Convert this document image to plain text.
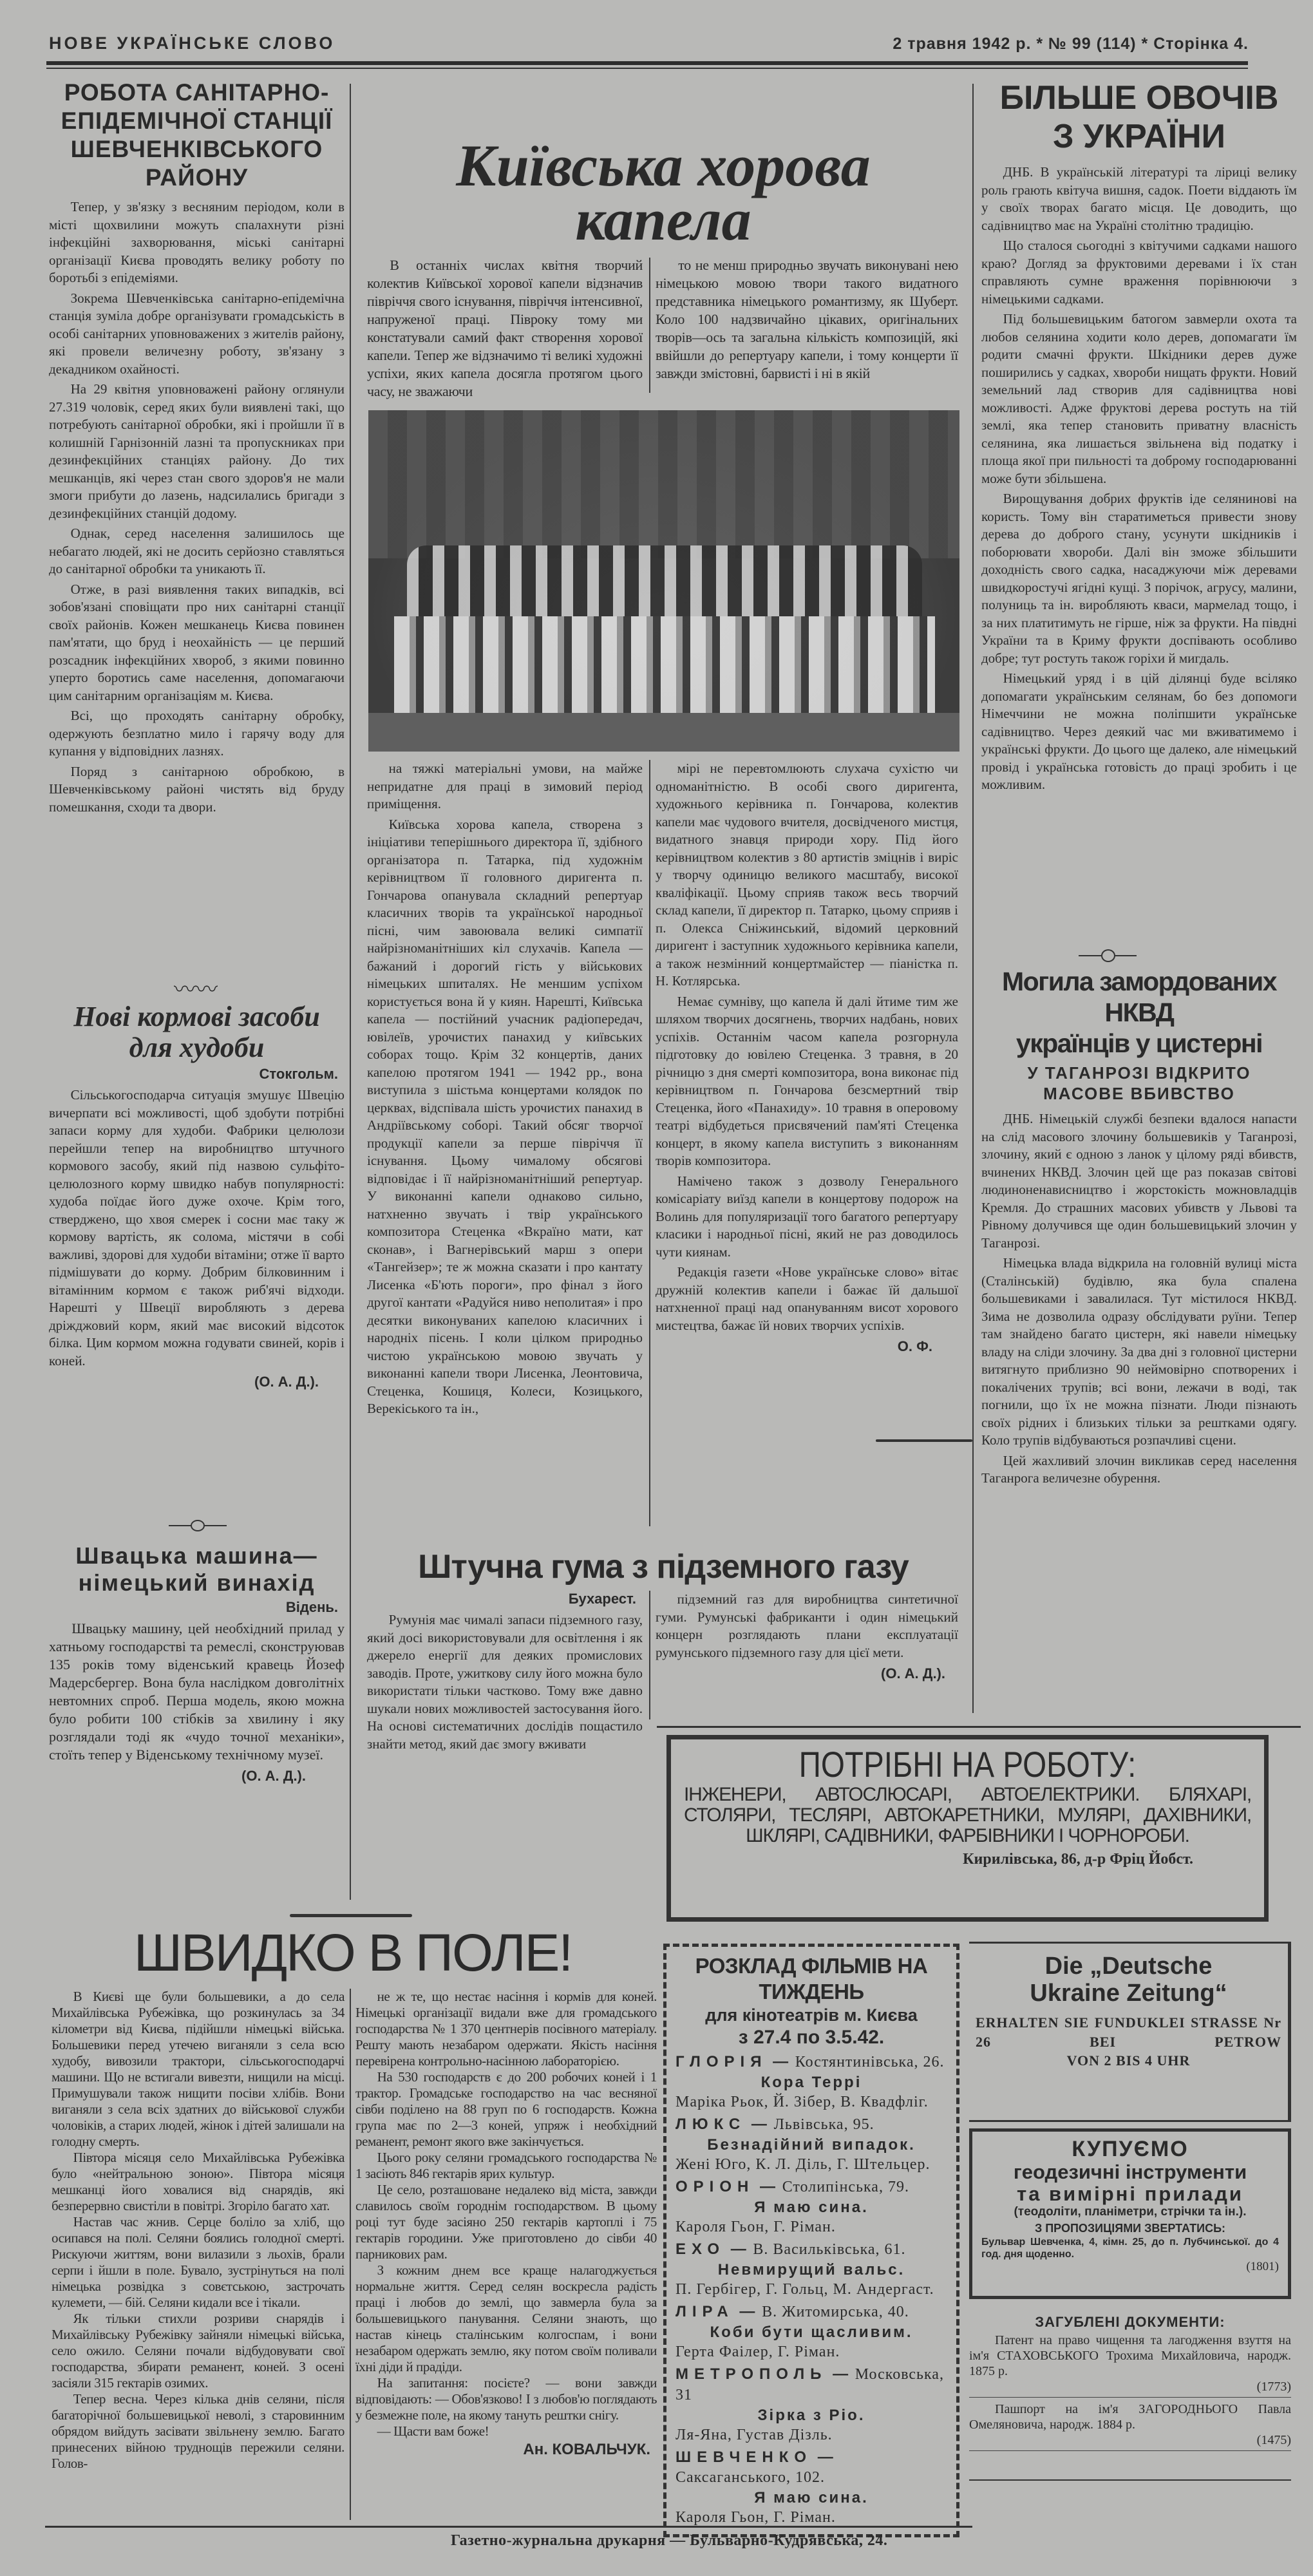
НОВЕ УКРАЇНСЬКЕ СЛОВО	2 травня 1942 р. * № 99 (114) * Сторінка 4.
РОБОТА САНІТАРНО-ЕПІДЕМІЧНОЇ СТАНЦІЇ ШЕВЧЕНКІВСЬКОГО РАЙОНУ

Тепер, у зв'язку з весняним періодом, коли в місті щохвилини можуть спалахнути різні інфекційні захворювання, міські санітарні організації Києва проводять велику роботу по боротьбі з епідеміями.

Зокрема Шевченківська санітарно-епідемічна станція зуміла добре організувати громадськість в особі санітарних уповноважених з жителів району, які провели величезну роботу, зв'язану з декадником охайності.

На 29 квітня уповноважені району оглянули 27.319 чоловік, серед яких були виявлені такі, що потребують санітарної обробки, які і пройшли її в колишній Гарнізонній лазні та пропускниках при дезинфекційних станціях району. До тих мешканців, які через стан свого здоров'я не мали змоги прибути до лазень, надсилались бригади з дезинфекційних станцій додому.

Однак, серед населення залишилось ще небагато людей, які не досить серйозно ставляться до санітарної обробки та уникають її.

Отже, в разі виявлення таких випадків, всі зобов'язані сповіщати про них санітарні станції своїх районів. Кожен мешканець Києва повинен пам'ятати, що бруд і неохайність — це перший розсадник інфекційних хвороб, з якими повинно уперто боротись саме населення, допомагаючи цим санітарним організаціям м. Києва.

Всі, що проходять санітарну обробку, одержують безплатно мило і гарячу воду для купання у відповідних лазнях.

Поряд з санітарною обробкою, в Шевченківському районі чистять від бруду помешкання, сходи та двори.

〰〰
Нові кормові засоби
для худоби
Стокгольм.

Сільськогосподарча ситуація змушує Швецію вичерпати всі можливості, щоб здобути потрібні запаси корму для худоби. Фабрики целюлози перейшли тепер на виробництво штучного кормового засобу, який під назвою сульфіто-целюлозного корму швидко набув популярності: худоба поїдає його дуже охоче. Крім того, стверджено, що хвоя смерек і сосни має таку ж кормову вартість, як солома, містячи в собі важливі, здорові для худоби вітаміни; отже її варто підмішувати до корму. Добрим білковинним і вітамінним кормом є також риб'ячі відходи. Нарешті у Швеції виробляють з дерева дріжджовий корм, який має високий відсоток білка. Цим кормом можна годувати свиней, корів і коней.

(О. А. Д.).
Швацька машина—
німецький винахід
Відень.

Швацьку машину, цей необхідний прилад у хатньому господарстві та ремеслі, сконструював 135 років тому віденський кравець Йозеф Мадерсбергер. Вона була наслідком довголітніх невтомних спроб. Перша модель, якою можна було робити 100 стібків за хвилину і яку розглядали тоді як «чудо точної механіки», стоїть тепер у Віденському технічному музеї.

(О. А. Д.).
Київська хорова
капела

В останніх числах квітня творчий колектив Київської хорової капели відзначив півріччя свого існування, півріччя інтенсивної, напруженої праці. Півроку тому ми констатували самий факт створення хорової капели. Тепер же відзначимо ті великі художні успіхи, яких капела досягла протягом цього часу, не зважаючи

то не менш природньо звучать виконувані нею німецькою мовою твори такого видатного представника німецького романтизму, як Шуберт. Коло 100 надзвичайно цікавих, оригінальних творів—ось та загальна кількість композицій, які ввійшли до репертуару капели, і тому концерти її завжди змістовні, барвисті і ні в якій

на тяжкі матеріальні умови, на майже непридатне для праці в зимовий період приміщення.

Київська хорова капела, створена з ініціативи теперішнього директора її, здібного організатора п. Татарка, під художнім керівництвом її головного диригента п. Гончарова опанувала складний репертуар класичних творів та української народньої пісні, чим завоювала великі симпатії найрізноманітніших кіл слухачів. Капела — бажаний і дорогий гість у військових німецьких шпиталях. Не меншим успіхом користується вона й у киян. Нарешті, Київська капела — постійний учасник радіопередач, ювілеїв, урочистих панахид у київських соборах тощо. Крім 32 концертів, даних капелою протягом 1941 — 1942 рр., вона виступила з шістьма концертами колядок по церквах, відспівала шість урочистих панахид в Андріївському соборі. Такий обсяг творчої продукції капели за перше півріччя її існування. Цьому чималому обсягові відповідає і її найрізноманітніший репертуар. У виконанні капели однаково сильно, натхненно звучать і твір українського композитора Стеценка «Вкраїно мати, кат сконав», і Вагнерівський марш з опери «Тангейзер»; те ж можна сказати і про кантату Лисенка «Б'ють пороги», про фінал з його другої кантати «Радуйся ниво неполитая» і про десятки виконуваних капелою класичних і народніх пісень. І коли цілком природньо чистою українською мовою звучать у виконанні капели твори Лисенка, Леонтовича, Стеценка, Кошиця, Колеси, Козицького, Верекіського та ін.,

мірі не перевтомлюють слухача сухістю чи одноманітністю. В особі свого диригента, художнього керівника п. Гончарова, колектив капели має чудового вчителя, досвідченого мистця, видатного знавця природи хору. Під його керівництвом колектив з 80 артистів зміцнів і виріс у творчу одиницю великого масштабу, високої кваліфікації. Цьому сприяв також весь творчий склад капели, її директор п. Татарко, цьому сприяв і п. Олекса Сніжинський, відомий церковний диригент і заступник художнього керівника капели, а також незмінний концертмайстер — піаністка п. Н. Котлярська.

Немає сумніву, що капела й далі йтиме тим же шляхом творчих досягнень, творчих надбань, нових успіхів. Останнім часом капела розгорнула підготовку до ювілею Стеценка. 3 травня, в 20 річницю з дня смерті композитора, вона виконає під керівництвом п. Гончарова безсмертний твір Стеценка, його «Панахиду». 10 травня в оперовому театрі відбудеться присвячений пам'яті Стеценка концерт, в якому капела виступить з виконанням творів композитора.

Намічено також з дозволу Генерального комісаріату виїзд капели в концертову подорож на Волинь для популяризації того багатого репертуару класики і народньої пісні, який не раз доводилось чути киянам.

Редакція газети «Нове українське слово» вітає дружній колектив капели і бажає їй дальшої натхненної праці над опануванням висот хорового мистецтва, бажає їй нових творчих успіхів.

О. Ф.
Штучна гума з підземного газу
Бухарест.

Румунія має чималі запаси підземного газу, який досі використовували для освітлення і як джерело енергії для деяких промислових заводів. Проте, ужиткову силу його можна було використати тільки частково. Тому вже давно шукали нових можливостей застосування його. На основі систематичних дослідів пощастило знайти метод, який дає змогу вживати

підземний газ для виробництва синтетичної гуми. Румунські фабриканти і один німецький концерн розглядають плани експлуатації румунського підземного газу для цієї мети.

(О. А. Д.).
БІЛЬШЕ ОВОЧІВ
З УКРАЇНИ

ДНБ. В українській літературі та ліриці велику роль грають квітуча вишня, садок. Поети віддають їм у своїх творах багато місця. Це доводить, що садівництво має на Україні столітню традицію.

Що сталося сьогодні з квітучими садками нашого краю? Догляд за фруктовими деревами і їх стан справляють сумне враження порівнюючи з німецькими садками.

Під большевицьким батогом завмерли охота та любов селянина ходити коло дерев, допомагати їм родити смачні фрукти. Шкідники дерев дуже поширились у садках, хвороби нищать фрукти. Новий земельний лад створив для садівництва нові можливості. Адже фруктові дерева ростуть на тій землі, яка тепер становить приватну власність селянина, яка лишається звільнена від податку і площа якої при пильності та доброму господарюванні може бути збільшена.

Вирощування добрих фруктів іде селянинові на користь. Тому він старатиметься привести знову дерева до доброго стану, усунути шкідників і поборювати хвороби. Далі він зможе збільшити доходність свого садка, насаджуючи між деревами швидкоростучі ягідні кущі. З порічок, агрусу, малини, полуниць та ін. виробляють кваси, мармелад тощо, і за них платитимуть не гірше, ніж за фрукти. На півдні України та в Криму фрукти доспівають особливо добре; тут ростуть також горіхи й мигдаль.

Німецький уряд і в цій ділянці буде всіляко допомагати українським селянам, бо без допомоги Німеччини не можна поліпшити українське садівництво. Через деякий час ми вживатимемо і українські фрукти. До цього ще далеко, але німецький провід і українська готовість до праці зробить і це можливим.

Могила замордованих НКВД
українців у цистерні
У ТАГАНРОЗІ ВІДКРИТО
МАСОВЕ ВБИВСТВО

ДНБ. Німецькій службі безпеки вдалося напасти на слід масового злочину большевиків у Таганрозі, злочину, який є одною з ланок у цілому ряді вбивств, вчинених НКВД. Злочин цей ще раз показав світові людиноненависництво і жорстокість можновладців Кремля. До страшних масових убивств у Львові та Рівному долучився ще один большевицький злочин у Таганрозі.

Німецька влада відкрила на головній вулиці міста (Сталінській) будівлю, яка була спалена большевиками і завалилася. Тут містилося НКВД. Зима не дозволила одразу обслідувати руїни. Тепер там знайдено багато цистерн, які навели німецьку владу на сліди злочину. За два дні з головної цистерни витягнуто приблизно 90 неймовірно спотворених і покалічених трупів; всі вони, лежачи в воді, так погнили, що їх не можна пізнати. Люди пізнають своїх рідних і близьких тільки за рештками одягу. Коло трупів відбуваються розпачливі сцени.

Цей жахливий злочин викликав серед населення Таганрога величезне обурення.

ПОТРІБНІ НА РОБОТУ:
ІНЖЕНЕРИ, АВТОСЛЮСАРІ, АВТОЕЛЕКТРИКИ. БЛЯХАРІ, СТОЛЯРИ, ТЕСЛЯРІ, АВТОКАРЕТНИКИ, МУЛЯРІ, ДАХІВНИКИ, ШКЛЯРІ, САДІВНИКИ, ФАРБІВНИКИ І ЧОРНОРОБИ.
Кирилівська, 86, д-р Фріц Йобст.
РОЗКЛАД ФІЛЬМІВ НА ТИЖДЕНЬ
для кінотеатрів м. Києва
з 27.4 по 3.5.42.
ГЛОРІЯ — Костянтинівська, 26.
Кора Террі
Маріка Рьок, Й. Зібер, В. Квадфліг.
ЛЮКС — Львівська, 95.
Безнадійний випадок.
Жені Юго, К. Л. Діль, Г. Штельцер.
ОРІОН — Столипінська, 79.
Я маю сина.
Кароля Гьон, Г. Ріман.
ЕХО — В. Васильківська, 61.
Невмирущий вальс.
П. Гербігер, Г. Гольц, М. Андергаст.
ЛІРА — В. Житомирська, 40.
Коби бути щасливим.
Герта Фаілер, Г. Ріман.
МЕТРОПОЛЬ — Московська, 31
Зірка з Ріо.
Ля-Яна, Густав Дізль.
ШЕВЧЕНКО — Саксаганського, 102.
Я маю сина.
Кароля Гьон, Г. Ріман.
Die „Deutsche
Ukraine Zeitung“
ERHALTEN SIE FUNDUKLEI STRASSE Nr 26 BEI PETROW
VON 2 BIS 4 UHR
КУПУЄМО
геодезичні інструменти
та вимірні прилади
(теодоліти, планіметри, стрічки та ін.).
З ПРОПОЗИЦІЯМИ ЗВЕРТАТИСЬ:
Бульвар Шевченка, 4, кімн. 25, до п. Лубчинської. до 4 год. дня щоденно.
(1801)
ЗАГУБЛЕНІ ДОКУМЕНТИ:
Патент на право чищення та лагодження взуття на ім'я СТАХОВСЬКОГО Трохима Михайловича, народж. 1875 р.
(1773)
Пашпорт на ім'я ЗАГОРОДНЬОГО Павла Омеляновича, народж. 1884 р.
(1475)
ШВИДКО В ПОЛЕ!

В Києві ще були большевики, а до села Михайлівська Рубежівка, що розкинулась за 34 кілометри від Києва, підійшли німецькі війська. Большевики перед утечею виганяли з села всю худобу, вивозили трактори, сільськогосподарчі машини. Що не встигали вивезти, нищили на місці. Примушували також нищити посіви хлібів. Вони виганяли з села всіх здатних до військової служби чоловіків, а старих людей, жінок і дітей залишали на голодну смерть.

Півтора місяця село Михайлівська Рубежівка було «нейтральною зоною». Півтора місяця мешканці його ховалися від снарядів, які безперервно свистіли в повітрі. Згоріло багато хат.

Настав час жнив. Серце боліло за хліб, що осипався на полі. Селяни боялись голодної смерті. Рискуючи життям, вони вилазили з льохів, брали серпи і йшли в поле. Бувало, зустрінуться на полі німецька розвідка з совєтською, застрочать кулемети, — бій. Селяни кидали все і тікали.

Як тільки стихли розриви снарядів і Михайлівську Рубежівку зайняли німецькі війська, село ожило. Селяни почали відбудовувати свої господарства, збирати реманент, коней. З осені засіяли 315 гектарів озимих.

Тепер весна. Через кілька днів селяни, після багаторічної большевицької неволі, з старовинним обрядом вийдуть засівати звільнену землю. Багато принесених війною труднощів пережили селяни. Голов-

не ж те, що нестає насіння і кормів для коней. Німецькі організації видали вже для громадського господарства № 1 370 центнерів посівного матеріалу. Решту мають незабаром одержати. Якість насіння перевірена контрольно-насінною лабораторією.

На 530 господарств є до 200 робочих коней і 1 трактор. Громадське господарство на час весняної сівби поділено на 88 груп по 6 господарств. Кожна група має по 2—3 коней, упряж і необхідний реманент, ремонт якого вже закінчується.

Цього року селяни громадського господарства № 1 засіють 846 гектарів ярих культур.

Це село, розташоване недалеко від міста, завжди славилось своїм городнім господарством. В цьому році тут буде засіяно 250 гектарів картоплі і 75 гектарів городини. Уже приготовлено до сівби 40 парникових рам.

З кожним днем все краще налагоджується нормальне життя. Серед селян воскресла радість праці і любов до землі, що завмерла була за большевицького панування. Селяни знають, що настав кінець сталінським колгоспам, і вони незабаром одержать землю, яку потом своїм поливали їхні діди й прадіди.

На запитання: посієте? — вони завжди відповідають: — Обов'язково! І з любов'ю поглядають у безмежне поле, на якому тануть рештки снігу.

— Щасти вам боже!

Ан. КОВАЛЬЧУК.
Газетно-журнальна друкарня — Бульварно-Кудрявська, 24.
